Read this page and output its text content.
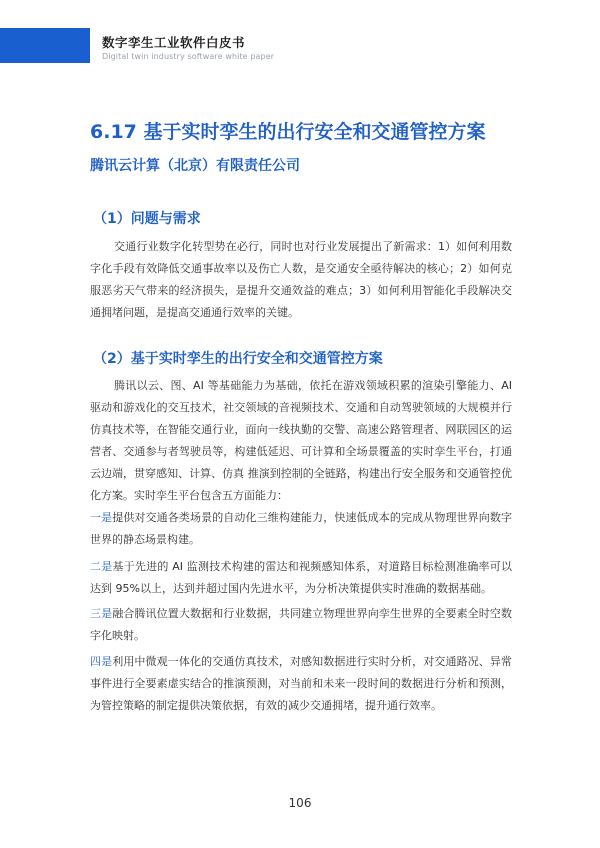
数字孪生工业软件白皮书
Digital twin industry software white paper
6.17 基于实时孪生的出行安全和交通管控方案
腾讯云计算（北京）有限责任公司
（1）问题与需求

交通行业数字化转型势在必行，同时也对行业发展提出了新需求：1）如何利用数字化手段有效降低交通事故率以及伤亡人数，是交通安全亟待解决的核心；2）如何克服恶劣天气带来的经济损失，是提升交通效益的难点；3）如何利用智能化手段解决交通拥堵问题，是提高交通通行效率的关键。

（2）基于实时孪生的出行安全和交通管控方案

腾讯以云、图、AI 等基础能力为基础，依托在游戏领域积累的渲染引擎能力、AI 驱动和游戏化的交互技术，社交领域的音视频技术、交通和自动驾驶领域的大规模并行仿真技术等，在智能交通行业，面向一线执勤的交警、高速公路管理者、网联园区的运营者、交通参与者驾驶员等，构建低延迟、可计算和全场景覆盖的实时孪生平台，打通云边端，贯穿感知、计算、仿真 推演到控制的全链路，构建出行安全服务和交通管控优化方案。实时孪生平台包含五方面能力：

一是提供对交通各类场景的自动化三维构建能力，快速低成本的完成从物理世界向数字世界的静态场景构建。

二是基于先进的 AI 监测技术构建的雷达和视频感知体系，对道路目标检测准确率可以达到 95%以上，达到并超过国内先进水平，为分析决策提供实时准确的数据基础。

三是融合腾讯位置大数据和行业数据，共同建立物理世界向孪生世界的全要素全时空数字化映射。

四是利用中微观一体化的交通仿真技术，对感知数据进行实时分析，对交通路况、异常事件进行全要素虚实结合的推演预测，对当前和未来一段时间的数据进行分析和预测，为管控策略的制定提供决策依据，有效的减少交通拥堵，提升通行效率。

106
